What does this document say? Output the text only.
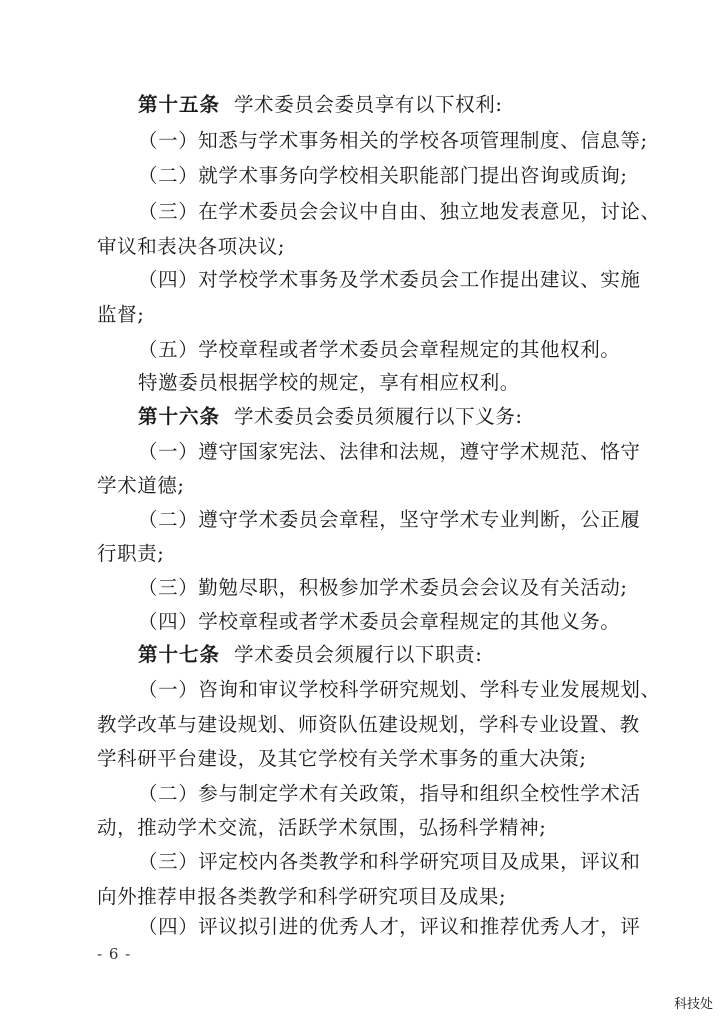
第十五条 学术委员会委员享有以下权利:
（一）知悉与学术事务相关的学校各项管理制度、信息等;
（二）就学术事务向学校相关职能部门提出咨询或质询;
（三）在学术委员会会议中自由、独立地发表意见，讨论、
审议和表决各项决议;
（四）对学校学术事务及学术委员会工作提出建议、实施
监督;
（五）学校章程或者学术委员会章程规定的其他权利。
特邀委员根据学校的规定，享有相应权利。
第十六条 学术委员会委员须履行以下义务:
（一）遵守国家宪法、法律和法规，遵守学术规范、恪守
学术道德;
（二）遵守学术委员会章程，坚守学术专业判断，公正履
行职责;
（三）勤勉尽职，积极参加学术委员会会议及有关活动;
（四）学校章程或者学术委员会章程规定的其他义务。
第十七条 学术委员会须履行以下职责:
（一）咨询和审议学校科学研究规划、学科专业发展规划、
教学改革与建设规划、师资队伍建设规划，学科专业设置、教
学科研平台建设，及其它学校有关学术事务的重大决策;
（二）参与制定学术有关政策，指导和组织全校性学术活
动，推动学术交流，活跃学术氛围，弘扬科学精神;
（三）评定校内各类教学和科学研究项目及成果，评议和
向外推荐申报各类教学和科学研究项目及成果;
（四）评议拟引进的优秀人才，评议和推荐优秀人才，评
- 6 -
科技处
